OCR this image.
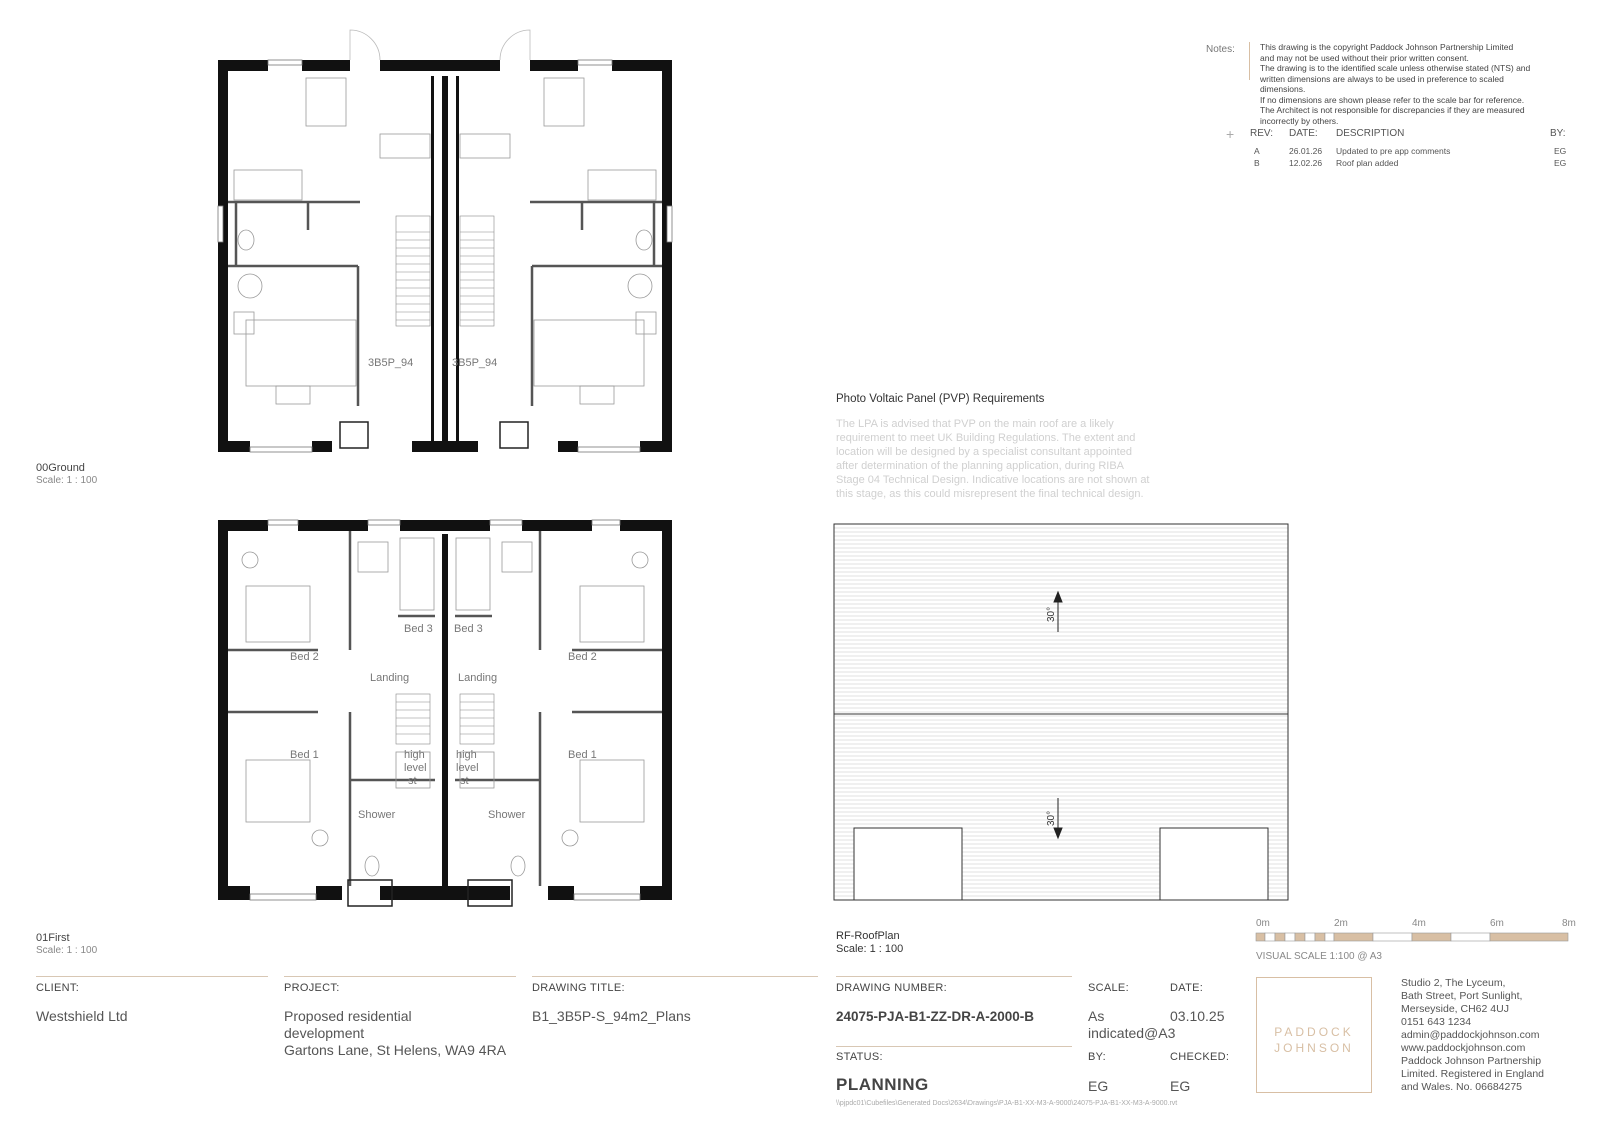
Notes:	This drawing is the copyright Paddock Johnson Partnership Limited
and may not be used without their prior written consent.
The drawing is to the identified scale unless otherwise stated (NTS) and
written dimensions are always to be used in preference to scaled
dimensions.
If no dimensions are shown please refer to the scale bar for reference.
The Architect is not responsible for discrepancies if they are measured
incorrectly by others.
+ REV: DATE: DESCRIPTION	BY:
A	26.01.26 Updated to pre app comments	EG
B	12.02.26 Roof plan added	EG
3B5P_94	3B5P_94
00Ground
Scale: 1 : 100
Bed 2	Bed 2
Bed 3 Bed 3
Landing	Landing
Bed 1	Bed 1
Shower	Shower
high
level
st
high
level
st
01First
Scale: 1 : 100
Photo Voltaic Panel (PVP) Requirements
The LPA is advised that PVP on the main roof are a likely
requirement to meet UK Building Regulations. The extent and
location will be designed by a specialist consultant appointed
after determination of the planning application, during RIBA
Stage 04 Technical Design. Indicative locations are not shown at
this stage, as this could misrepresent the final technical design.
30°
30°
RF-RoofPlan
Scale: 1 : 100
0m	2m	4m	6m	8m
VISUAL SCALE 1:100 @ A3
CLIENT:
Westshield Ltd
PROJECT:
Proposed residential
development
Gartons Lane, St Helens, WA9 4RA
DRAWING TITLE:
B1_3B5P-S_94m2_Plans
DRAWING NUMBER:
24075-PJA-B1-ZZ-DR-A-2000-B
SCALE:
As
indicated@A3
DATE:
03.10.25
STATUS:
PLANNING
BY:
EG
CHECKED:
EG
\\pjpdc01\Cubefiles\Generated Docs\2634\Drawings\PJA-B1-XX-M3-A-9000\24075-PJA-B1-XX-M3-A-9000.rvt
PADDOCK
JOHNSON
Studio 2, The Lyceum,
Bath Street, Port Sunlight,
Merseyside, CH62 4UJ
0151 643 1234
admin@paddockjohnson.com
www.paddockjohnson.com
Paddock Johnson Partnership
Limited. Registered in England
and Wales. No. 06684275
